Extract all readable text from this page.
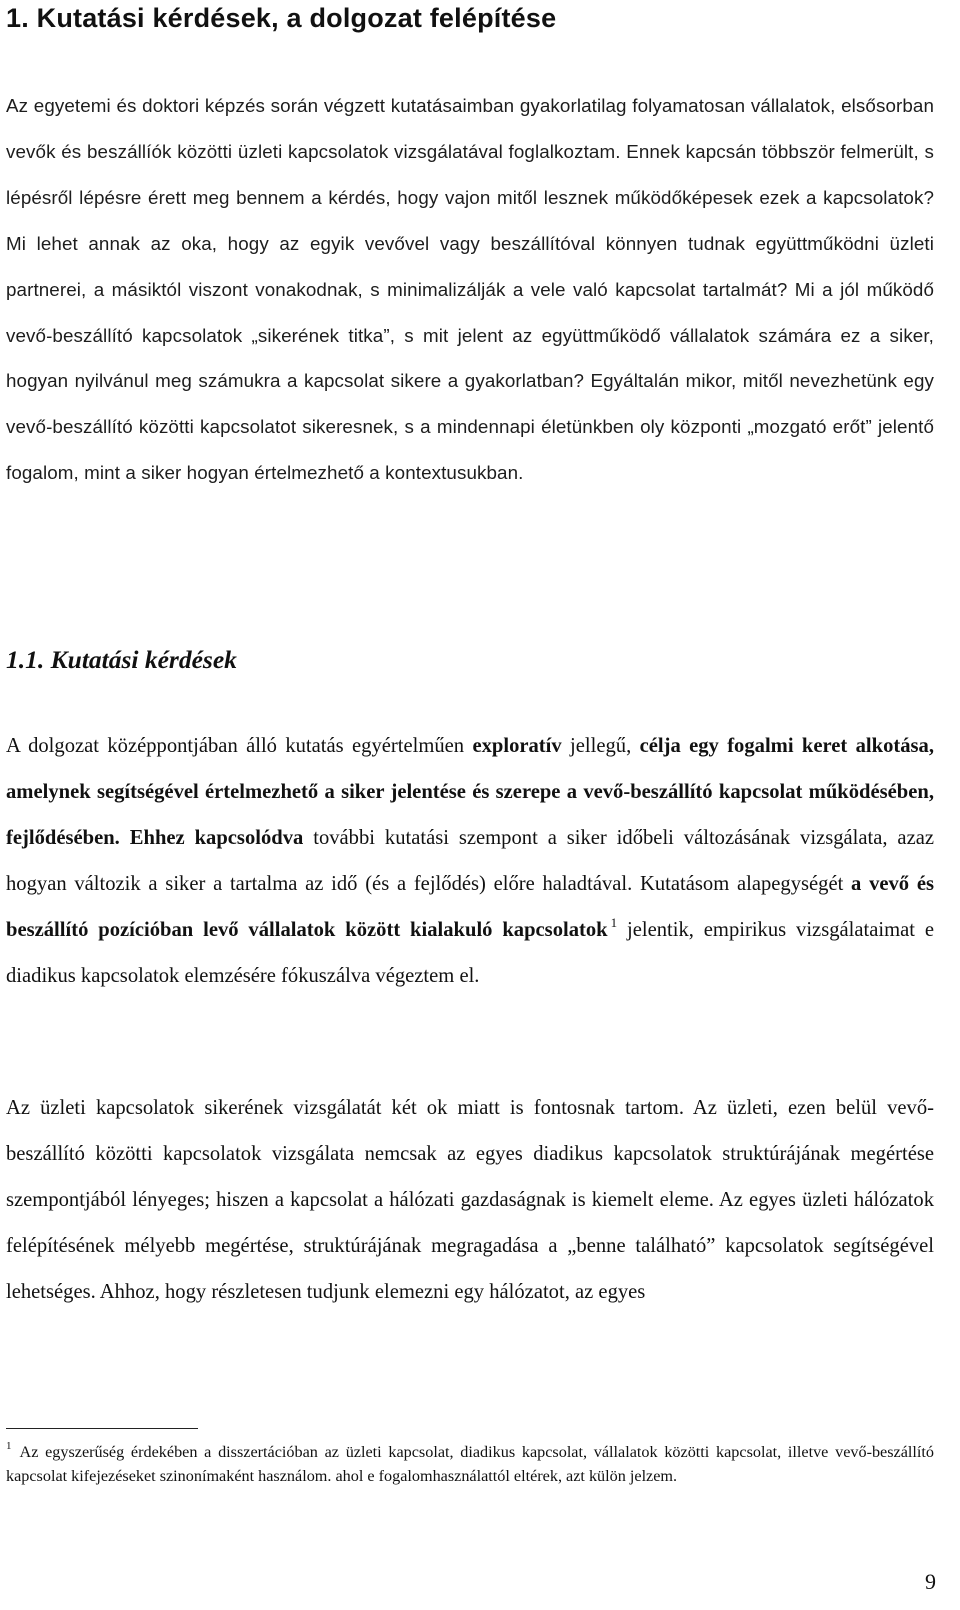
1. Kutatási kérdések, a dolgozat felépítése

Az egyetemi és doktori képzés során végzett kutatásaimban gyakorlatilag folyamatosan vállalatok, elsősorban vevők és beszállíók közötti üzleti kapcsolatok vizsgálatával foglalkoztam. Ennek kapcsán többször felmerült, s lépésről lépésre érett meg bennem a kérdés, hogy vajon mitől lesznek működőképesek ezek a kapcsolatok? Mi lehet annak az oka, hogy az egyik vevővel vagy beszállítóval könnyen tudnak együttműködni üzleti partnerei, a másiktól viszont vonakodnak, s minimalizálják a vele való kapcsolat tartalmát? Mi a jól működő vevő-beszállító kapcsolatok „sikerének titka”, s mit jelent az együttműködő vállalatok számára ez a siker, hogyan nyilvánul meg számukra a kapcsolat sikere a gyakorlatban? Egyáltalán mikor, mitől nevezhetünk egy vevő-beszállító közötti kapcsolatot sikeresnek, s a mindennapi életünkben oly központi „mozgató erőt” jelentő fogalom, mint a siker hogyan értelmezhető a kontextusukban.

1.1. Kutatási kérdések

A dolgozat középpontjában álló kutatás egyértelműen exploratív jellegű, célja egy fogalmi keret alkotása, amelynek segítségével értelmezhető a siker jelentése és szerepe a vevő-beszállító kapcsolat működésében, fejlődésében. Ehhez kapcsolódva további kutatási szempont a siker időbeli változásának vizsgálata, azaz hogyan változik a siker a tartalma az idő (és a fejlődés) előre haladtával. Kutatásom alapegységét a vevő és beszállító pozícióban levő vállalatok között kialakuló kapcsolatok $^1$ jelentik, empirikus vizsgálataimat e diadikus kapcsolatok elemzésére fókuszálva végeztem el.

Az üzleti kapcsolatok sikerének vizsgálatát két ok miatt is fontosnak tartom. Az üzleti, ezen belül vevő-beszállító közötti kapcsolatok vizsgálata nemcsak az egyes diadikus kapcsolatok struktúrájának megértése szempontjából lényeges; hiszen a kapcsolat a hálózati gazdaságnak is kiemelt eleme. Az egyes üzleti hálózatok felépítésének mélyebb megértése, struktúrájának megragadása a „benne található” kapcsolatok segítségével lehetséges. Ahhoz, hogy részletesen tudjunk elemezni egy hálózatot, az egyes

$^1$ Az egyszerűség érdekében a disszertációban az üzleti kapcsolat, diadikus kapcsolat, vállalatok közötti kapcsolat, illetve vevő-beszállító kapcsolat kifejezéseket szinonímaként használom. ahol e fogalomhasználattól eltérek, azt külön jelzem.

9
